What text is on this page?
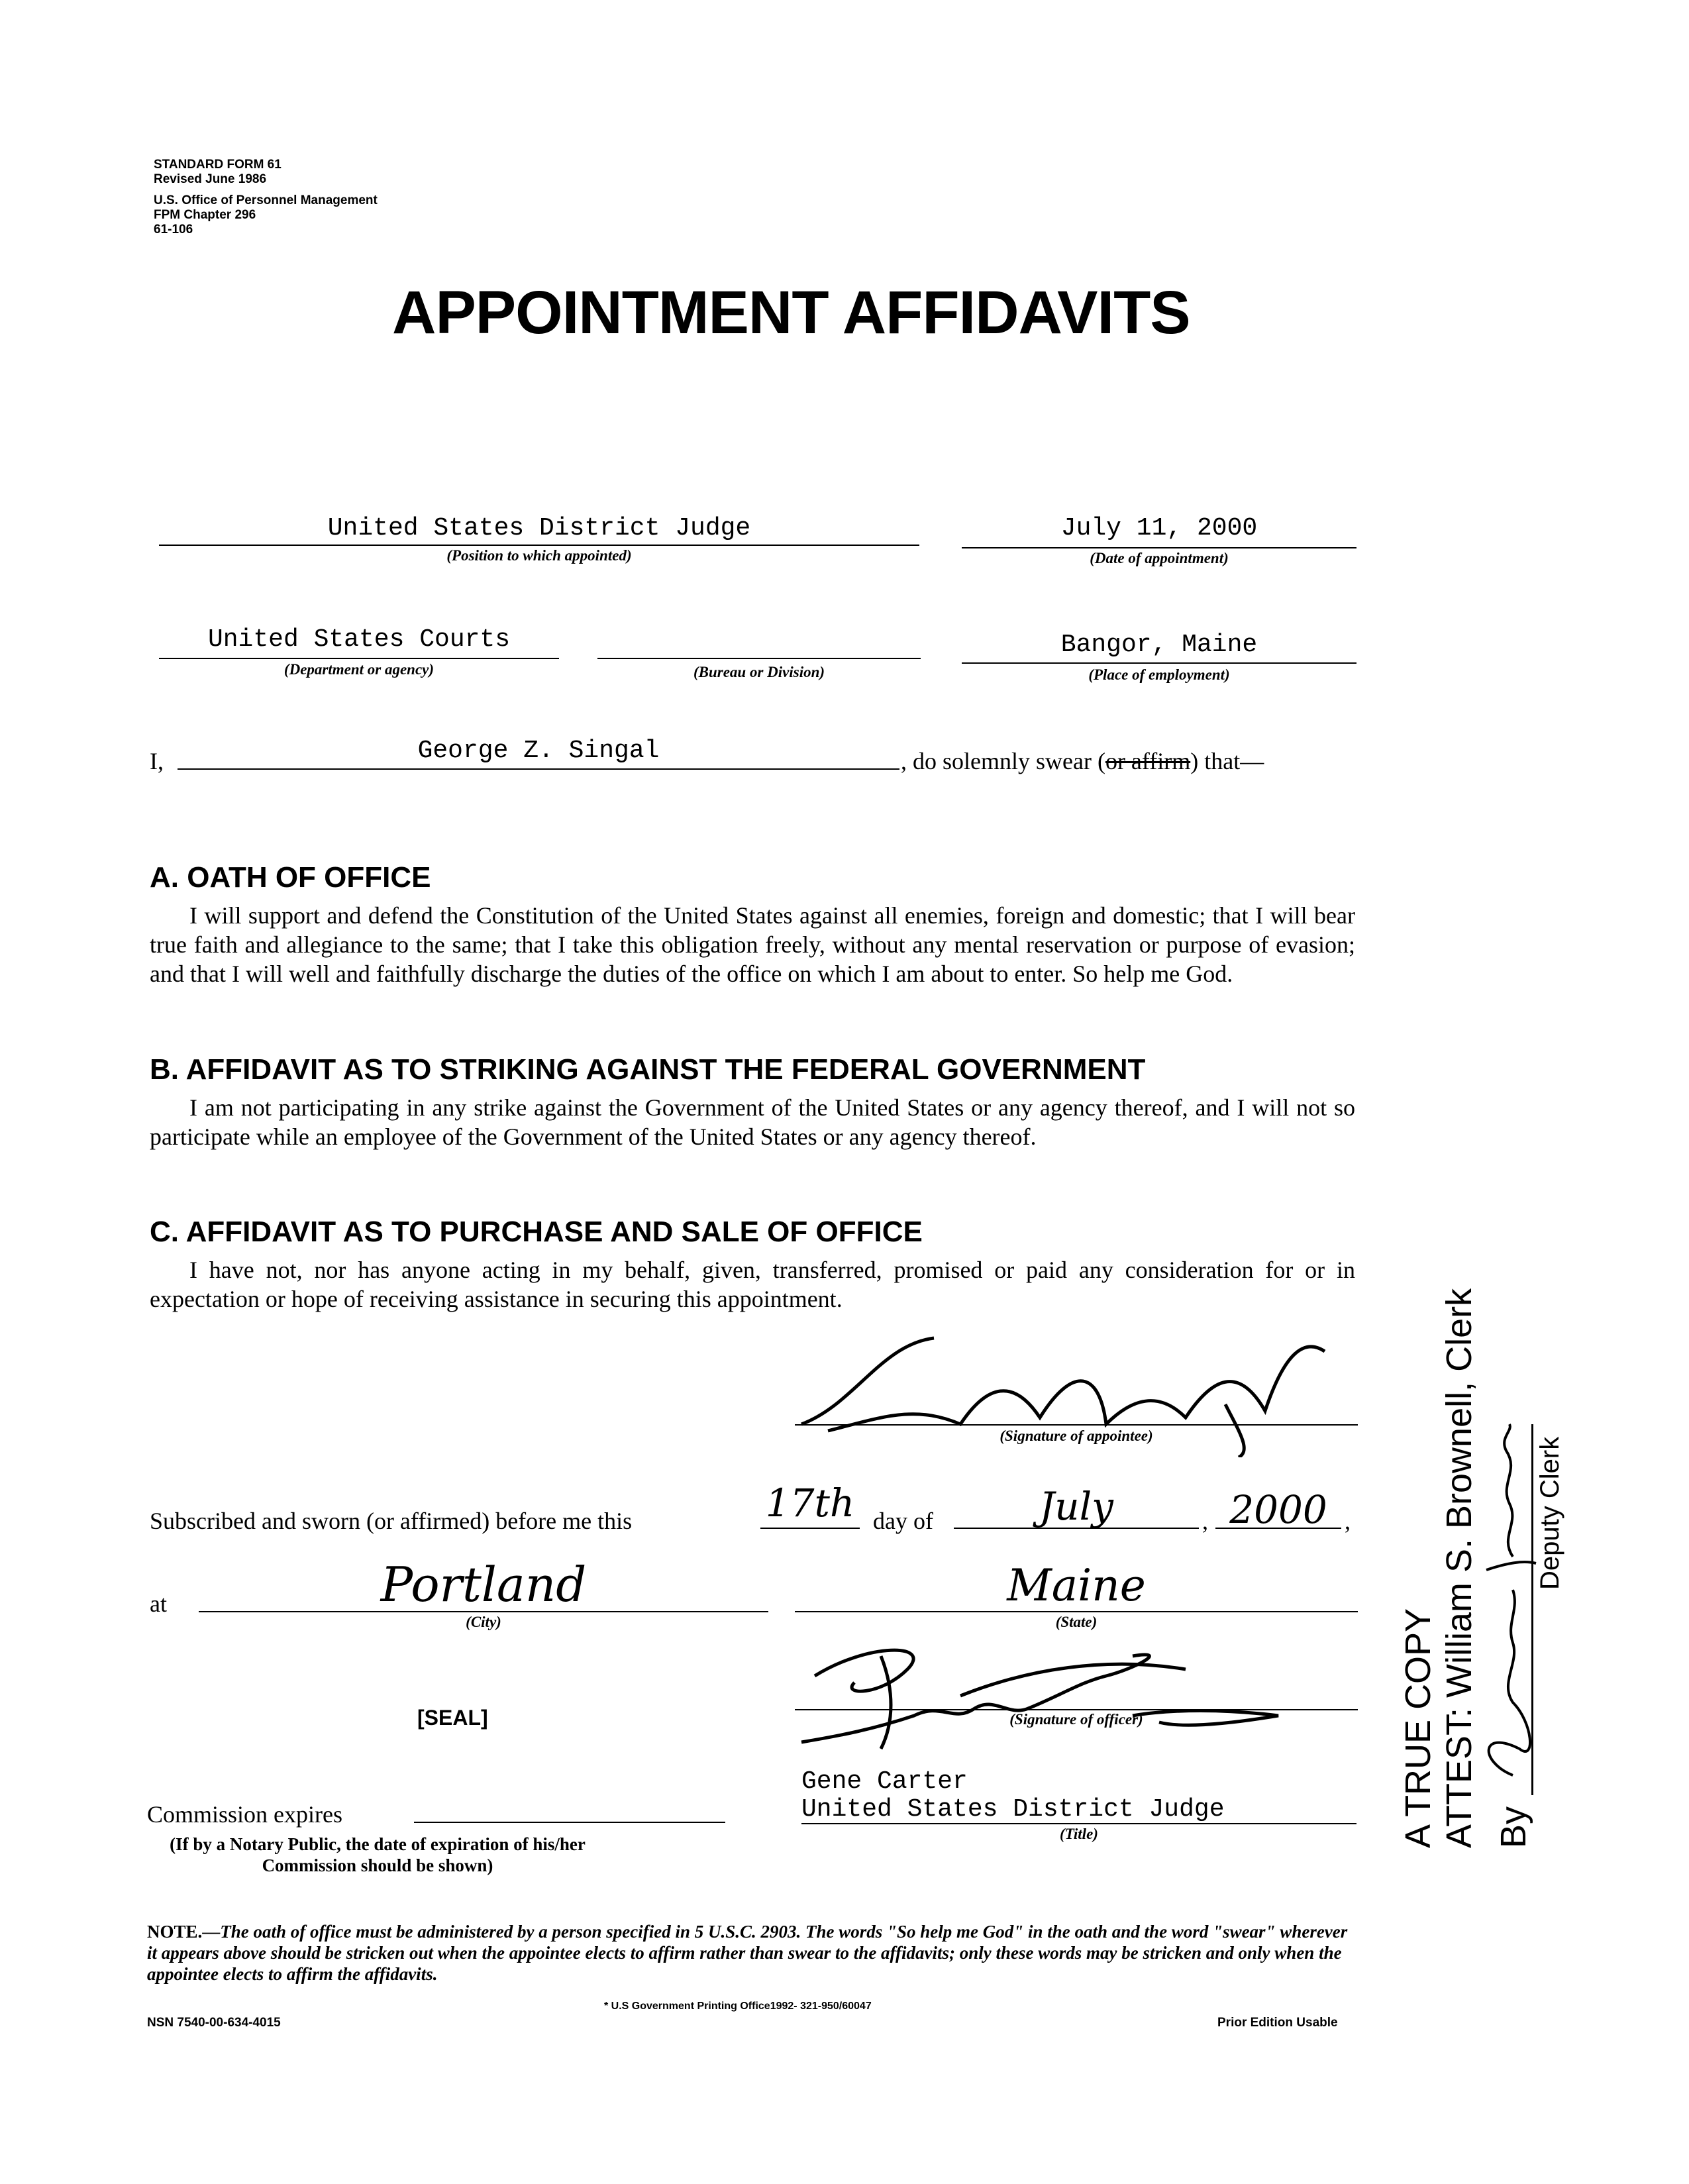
STANDARD FORM 61
Revised June 1986
U.S. Office of Personnel Management
FPM Chapter 296
61-106
APPOINTMENT AFFIDAVITS
United States District Judge
(Position to which appointed)
July 11, 2000
(Date of appointment)
United States Courts
(Department or agency)	(Bureau or Division)
Bangor, Maine
(Place of employment)
I,	George Z. Singal	, do solemnly swear (or affirm) that—
A. OATH OF OFFICE
I will support and defend the Constitution of the United States against all enemies, foreign and domestic; that I will bear true faith and allegiance to the same; that I take this obligation freely, without any mental reservation or purpose of evasion; and that I will well and faithfully discharge the duties of the office on which I am about to enter. So help me God.
B. AFFIDAVIT AS TO STRIKING AGAINST THE FEDERAL GOVERNMENT
I am not participating in any strike against the Government of the United States or any agency thereof, and I will not so participate while an employee of the Government of the United States or any agency thereof.
C. AFFIDAVIT AS TO PURCHASE AND SALE OF OFFICE
I have not, nor has anyone acting in my behalf, given, transferred, promised or paid any consideration for or in expectation or hope of receiving assistance in securing this appointment.
(Signature of appointee)
Subscribed and sworn (or affirmed) before me this	17th day of	July	, 2000 ,
at	Portland
(City)
Maine
(State)
[SEAL]	(Signature of officer)
Gene Carter
United States District Judge
(Title)
Commission expires
(If by a Notary Public, the date of expiration of his/her
Commission should be shown)
NOTE.—The oath of office must be administered by a person specified in 5 U.S.C. 2903. The words "So help me God" in the oath and the word "swear" wherever it appears above should be stricken out when the appointee elects to affirm rather than swear to the affidavits; only these words may be stricken and only when the appointee elects to affirm the affidavits.
NSN 7540-00-634-4015
* U.S Government Printing Office1992- 321-950/60047
Prior Edition Usable
A TRUE COPY ATTEST: William S. Brownell, Clerk By
Deputy Clerk
